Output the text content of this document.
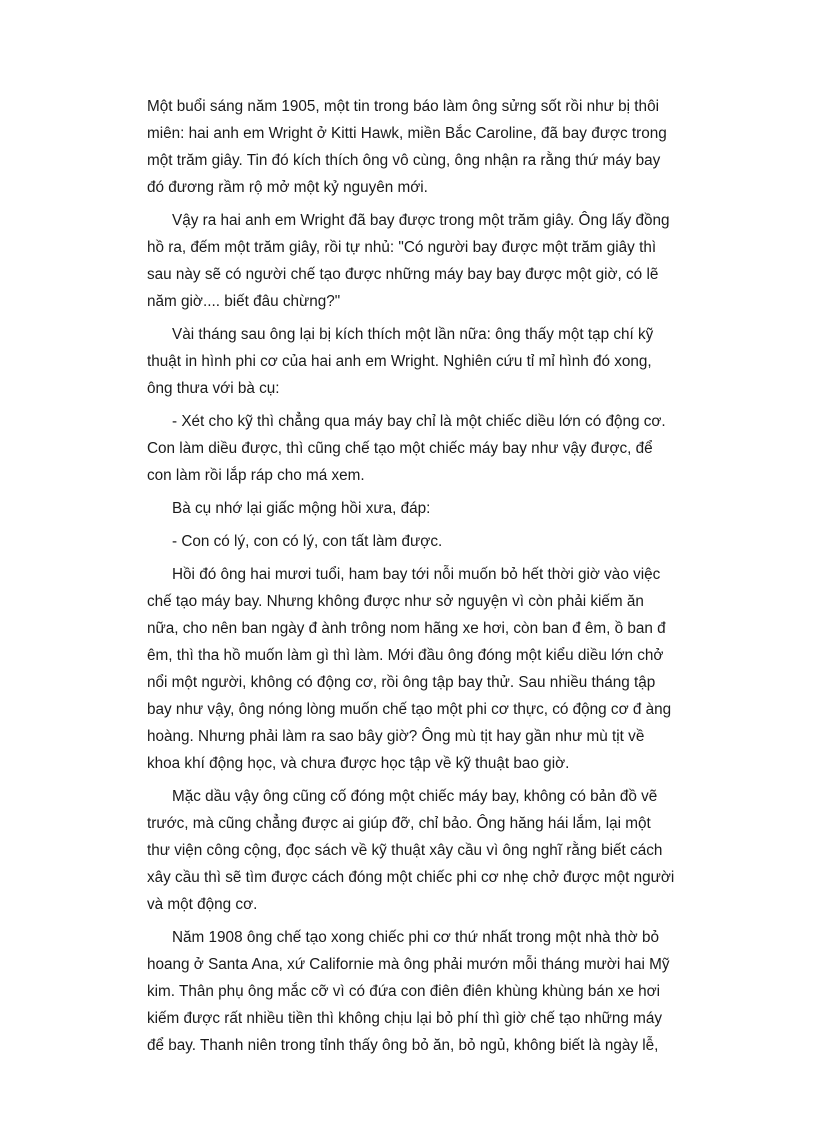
Một buổi sáng năm 1905, một tin trong báo làm ông sửng sốt rồi như bị thôi miên: hai anh em Wright ở Kitti Hawk, miền Bắc Caroline, đã bay được trong một trăm giây. Tin đó kích thích ông vô cùng, ông nhận ra rằng thứ máy bay đó đương rầm rộ mở một kỷ nguyên mới.

Vậy ra hai anh em Wright đã bay được trong một trăm giây. Ông lấy đồng hồ ra, đếm một trăm giây, rồi tự nhủ: "Có người bay được một trăm giây thì sau này sẽ có người chế tạo được những máy bay bay được một giờ, có lẽ năm giờ.... biết đâu chừng?"

Vài tháng sau ông lại bị kích thích một lần nữa: ông thấy một tạp chí kỹ thuật in hình phi cơ của hai anh em Wright. Nghiên cứu tỉ mỉ hình đó xong, ông thưa với bà cụ:

- Xét cho kỹ thì chẳng qua máy bay chỉ là một chiếc diều lớn có động cơ. Con làm diều được, thì cũng chế tạo một chiếc máy bay như vậy được, để con làm rồi lắp ráp cho má xem.

Bà cụ nhớ lại giấc mộng hồi xưa, đáp:

- Con có lý, con có lý, con tất làm được.

Hồi đó ông hai mươi tuổi, ham bay tới nỗi muốn bỏ hết thời giờ vào việc chế tạo máy bay. Nhưng không được như sở nguyện vì còn phải kiếm ăn nữa, cho nên ban ngày đ ành trông nom hãng xe hơi, còn ban đ êm, ồ ban đ êm, thì tha hồ muốn làm gì thì làm. Mới đầu ông đóng một kiểu diều lớn chở nổi một người, không có động cơ, rồi ông tập bay thử. Sau nhiều tháng tập bay như vậy, ông nóng lòng muốn chế tạo một phi cơ thực, có động cơ đ àng hoàng. Nhưng phải làm ra sao bây giờ? Ông mù tịt hay gần như mù tịt về khoa khí động học, và chưa được học tập về kỹ thuật bao giờ.

Mặc dầu vậy ông cũng cố đóng một chiếc máy bay, không có bản đồ vẽ trước, mà cũng chẳng được ai giúp đỡ, chỉ bảo. Ông hăng hái lắm, lại một thư viện công cộng, đọc sách về kỹ thuật xây cầu vì ông nghĩ rằng biết cách xây cầu thì sẽ tìm được cách đóng một chiếc phi cơ nhẹ chở được một người và một động cơ.

Năm 1908 ông chế tạo xong chiếc phi cơ thứ nhất trong một nhà thờ bỏ hoang ở Santa Ana, xứ Californie mà ông phải mướn mỗi tháng mười hai Mỹ kim. Thân phụ ông mắc cỡ vì có đứa con điên điên khùng khùng bán xe hơi kiếm được rất nhiều tiền thì không chịu lại bỏ phí thì giờ chế tạo những máy để bay. Thanh niên trong tỉnh thấy ông bỏ ăn, bỏ ngủ, không biết là ngày lễ,
